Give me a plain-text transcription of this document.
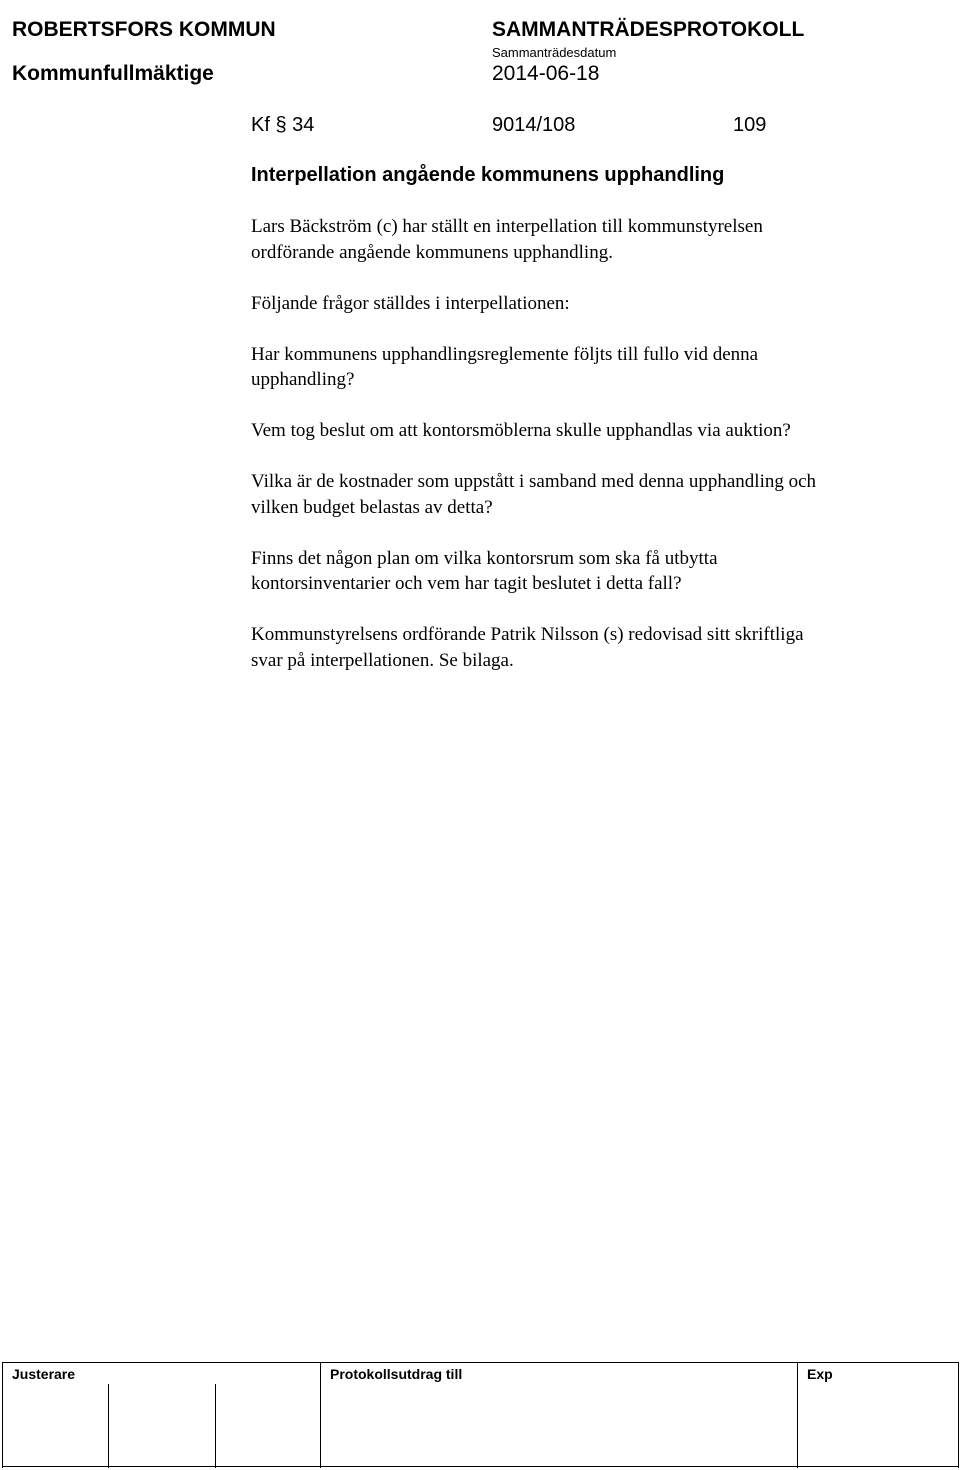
ROBERTSFORS KOMMUN	SAMMANTRÄDESPROTOKOLL
Sammanträdesdatum
Kommunfullmäktige	2014-06-18
Kf § 34	9014/108	109
Interpellation angående kommunens upphandling

Lars Bäckström (c) har ställt en interpellation till kommunstyrelsen
ordförande angående kommunens upphandling.

Följande frågor ställdes i interpellationen:

Har kommunens upphandlingsreglemente följts till fullo vid denna
upphandling?

Vem tog beslut om att kontorsmöblerna skulle upphandlas via auktion?

Vilka är de kostnader som uppstått i samband med denna upphandling och
vilken budget belastas av detta?

Finns det någon plan om vilka kontorsrum som ska få utbytta
kontorsinventarier och vem har tagit beslutet i detta fall?

Kommunstyrelsens ordförande Patrik Nilsson (s) redovisad sitt skriftliga
svar på interpellationen. Se bilaga.

Justerare	Protokollsutdrag till	Exp
